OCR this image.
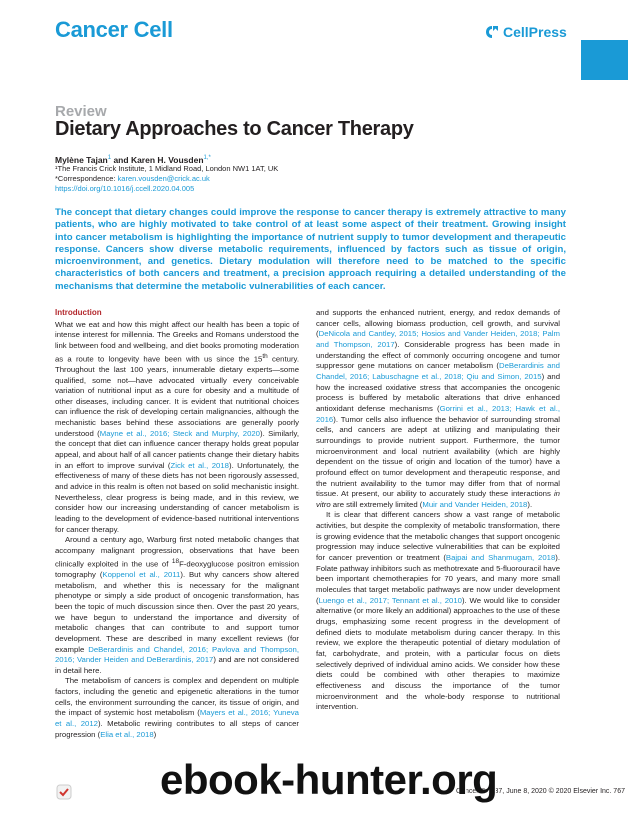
Cancer Cell	CellPress
Review
Dietary Approaches to Cancer Therapy
Mylène Tajan$^1$ and Karen H. Vousden$^{1,*}$
¹The Francis Crick Institute, 1 Midland Road, London NW1 1AT, UK
*Correspondence: karen.vousden@crick.ac.uk
https://doi.org/10.1016/j.ccell.2020.04.005
The concept that dietary changes could improve the response to cancer therapy is extremely attractive to many patients, who are highly motivated to take control of at least some aspect of their treatment. Growing insight into cancer metabolism is highlighting the importance of nutrient supply to tumor development and therapeutic response. Cancers show diverse metabolic requirements, influenced by factors such as tissue of origin, microenvironment, and genetics. Dietary modulation will therefore need to be matched to the specific characteristics of both cancers and treatment, a precision approach requiring a detailed understanding of the mechanisms that determine the metabolic vulnerabilities of each cancer.
Introduction

What we eat and how this might affect our health has been a topic of intense interest for millennia. The Greeks and Romans understood the link between food and wellbeing, and diet books promoting moderation as a route to longevity have been with us since the 15th century. Throughout the last 100 years, innumerable dietary experts—some qualified, some not—have advocated virtually every conceivable variation of nutritional input as a cure for obesity and a multitude of other diseases, including cancer. It is evident that nutritional choices can influence the risk of developing certain malignancies, although the mechanistic bases behind these associations are generally poorly understood (Mayne et al., 2016; Steck and Murphy, 2020). Similarly, the concept that diet can influence cancer therapy holds great popular appeal, and about half of all cancer patients change their dietary habits in an effort to improve survival (Zick et al., 2018). Unfortunately, the effectiveness of many of these diets has not been rigorously assessed, and advice in this realm is often not based on solid mechanistic insight. Nevertheless, clear progress is being made, and in this review, we consider how our increasing understanding of cancer metabolism is leading to the development of evidence-based nutritional interventions for cancer therapy.

Around a century ago, Warburg first noted metabolic changes that accompany malignant progression, observations that have been clinically exploited in the use of $^{18}$F-deoxyglucose positron emission tomography (Koppenol et al., 2011). But why cancers show altered metabolism, and whether this is necessary for the malignant phenotype or simply a side product of oncogenic transformation, has been the topic of much discussion since then. Over the past 20 years, we have begun to understand the importance and diversity of metabolic changes that can contribute to and support tumor development. These are described in many excellent reviews (for example DeBerardinis and Chandel, 2016; Pavlova and Thompson, 2016; Vander Heiden and DeBerardinis, 2017) and are not considered in detail here.

The metabolism of cancers is complex and dependent on multiple factors, including the genetic and epigenetic alterations in the tumor cells, the environment surrounding the cancer, its tissue of origin, and the impact of systemic host metabolism (Mayers et al., 2016; Yuneva et al., 2012). Metabolic rewiring contributes to all steps of cancer progression (Elia et al., 2018)

and supports the enhanced nutrient, energy, and redox demands of cancer cells, allowing biomass production, cell growth, and survival (DeNicola and Cantley, 2015; Hosios and Vander Heiden, 2018; Palm and Thompson, 2017). Considerable progress has been made in understanding the effect of commonly occurring oncogene and tumor suppressor gene mutations on cancer metabolism (DeBerardinis and Chandel, 2016; Labuschagne et al., 2018; Qiu and Simon, 2015) and how the increased oxidative stress that accompanies the oncogenic process is buffered by metabolic alterations that drive enhanced antioxidant defense mechanisms (Gorrini et al., 2013; Hawk et al., 2016). Tumor cells also influence the behavior of surrounding stromal cells, and cancers are adept at utilizing and manipulating their surroundings to provide nutrient support. Furthermore, the tumor microenvironment and local nutrient availability (which are highly dependent on the tissue of origin and location of the tumor) have a profound effect on tumor development and therapeutic response, and the nutrient availability to the tumor may differ from that of normal tissue. At present, our ability to accurately study these interactions in vitro are still extremely limited (Muir and Vander Heiden, 2018).

It is clear that different cancers show a vast range of metabolic activities, but despite the complexity of metabolic transformation, there is growing evidence that the metabolic changes that support oncogenic progression may induce selective vulnerabilities that can be exploited for cancer prevention or treatment (Bajpai and Shanmugam, 2018). Folate pathway inhibitors such as methotrexate and 5-fluorouracil have been important chemotherapies for 70 years, and many more small molecules that target metabolic pathways are now under development (Luengo et al., 2017; Tennant et al., 2010). We would like to consider alternative (or more likely an additional) approaches to the use of these drugs, emphasizing some recent progress in the development of defined diets to modulate metabolism during cancer therapy. In this review, we explore the therapeutic potential of dietary modulation of fat, carbohydrate, and protein, with a particular focus on diets selectively deprived of individual amino acids. We consider how these diets could be combined with other therapies to maximize effectiveness and discuss the importance of the tumor microenvironment and the whole-body response to nutritional intervention.

Cancer Cell 37, June 8, 2020 © 2020 Elsevier Inc. 767
ebook-hunter.org
